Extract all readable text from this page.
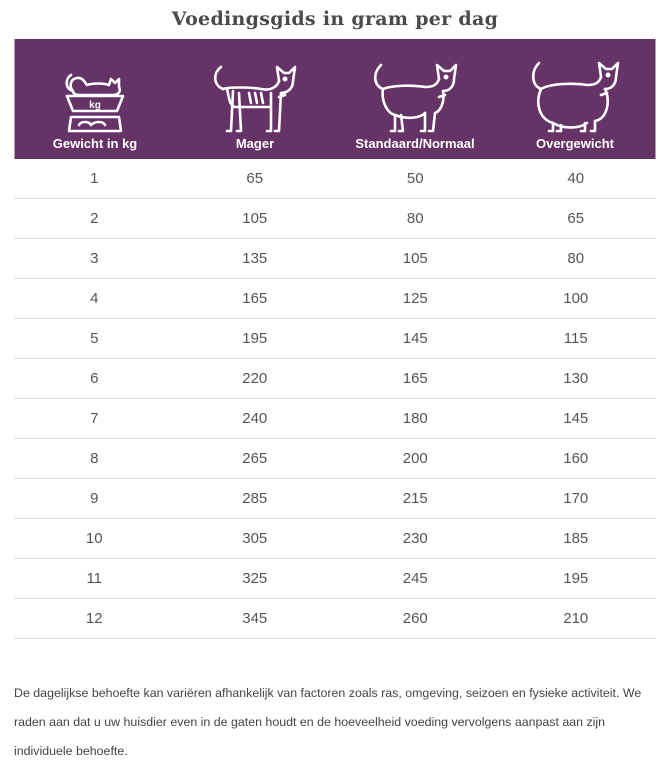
Voedingsgids in gram per dag
kg
Gewicht in kg	Mager	Standaard/Normaal	Overgewicht
1	65	50	40
2	105	80	65
3	135	105	80
4	165	125	100
5	195	145	115
6	220	165	130
7	240	180	145
8	265	200	160
9	285	215	170
10	305	230	185
11	325	245	195
12	345	260	210

De dagelijkse behoefte kan variëren afhankelijk van factoren zoals ras, omgeving, seizoen en fysieke activiteit. We raden aan dat u uw huisdier even in de gaten houdt en de hoeveelheid voeding vervolgens aanpast aan zijn individuele behoefte.
